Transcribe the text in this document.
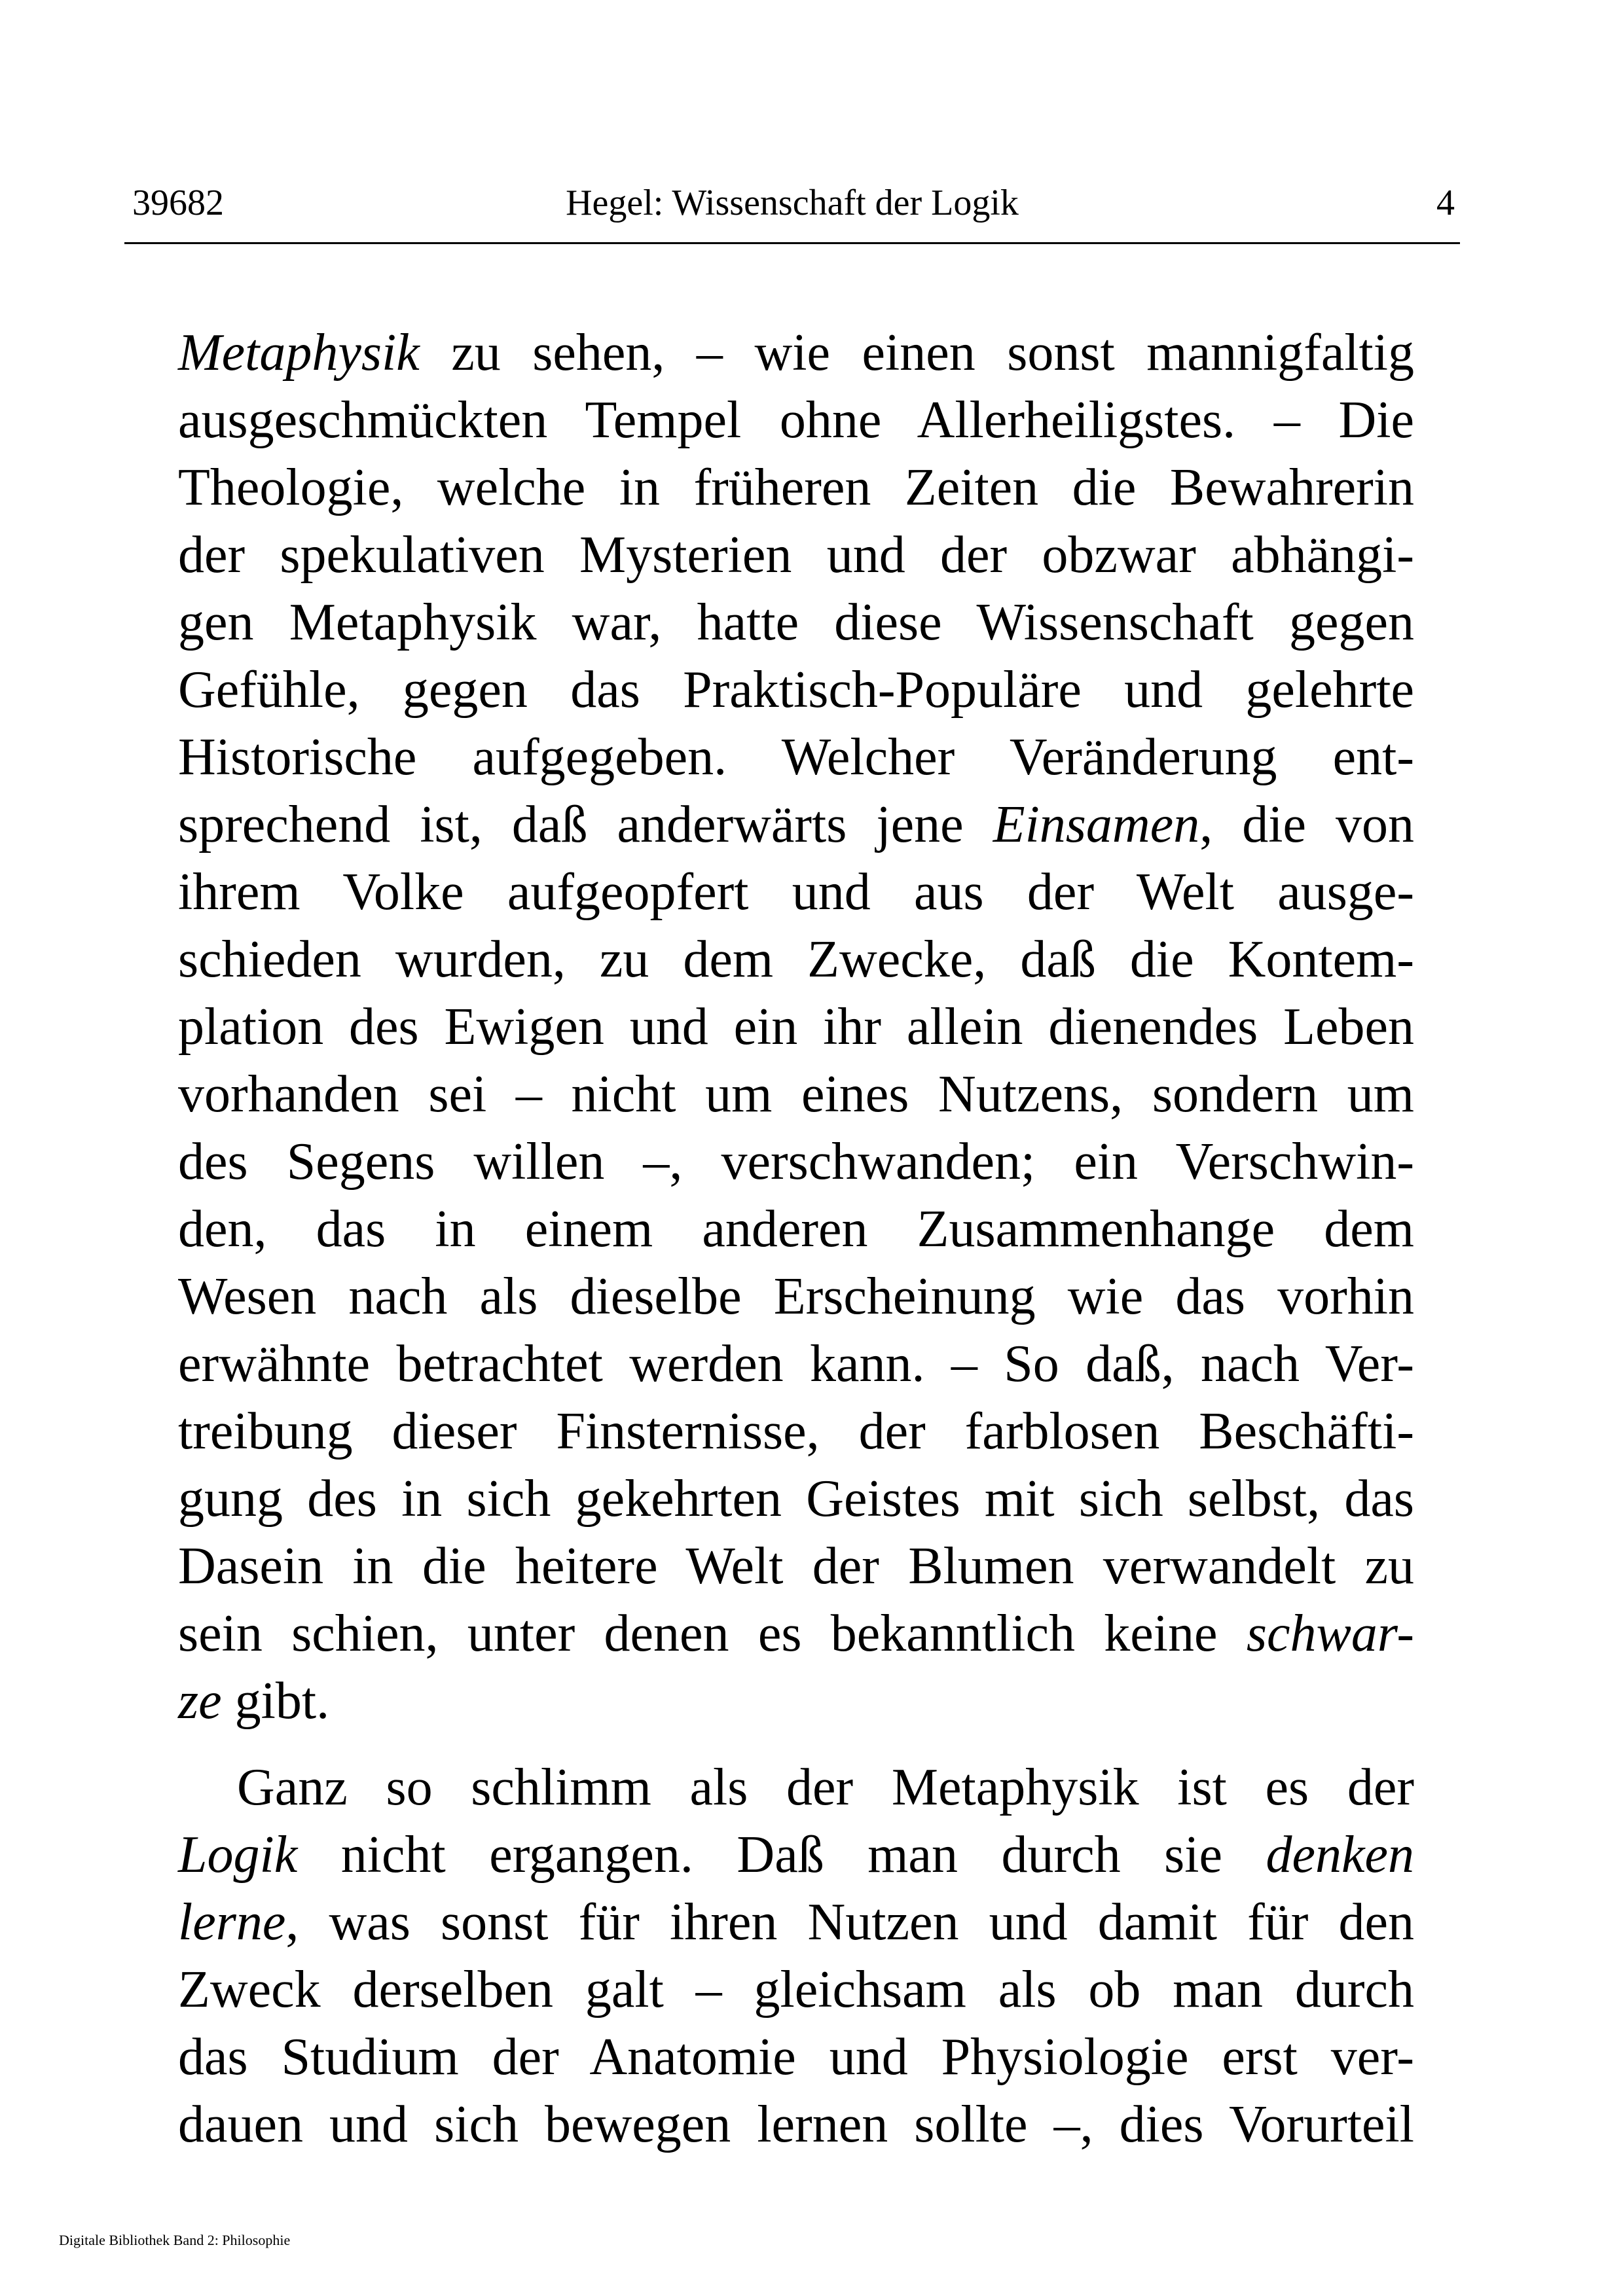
39682	Hegel: Wissenschaft der Logik	4
Metaphysik zu sehen, – wie einen sonst mannigfaltig
ausgeschmückten Tempel ohne Allerheiligstes. – Die
Theologie, welche in früheren Zeiten die Bewahrerin
der spekulativen Mysterien und der obzwar abhängi-
gen Metaphysik war, hatte diese Wissenschaft gegen
Gefühle, gegen das Praktisch-Populäre und gelehrte
Historische aufgegeben. Welcher Veränderung ent-
sprechend ist, daß anderwärts jene Einsamen, die von
ihrem Volke aufgeopfert und aus der Welt ausge-
schieden wurden, zu dem Zwecke, daß die Kontem-
plation des Ewigen und ein ihr allein dienendes Leben
vorhanden sei – nicht um eines Nutzens, sondern um
des Segens willen –, verschwanden; ein Verschwin-
den, das in einem anderen Zusammenhange dem
Wesen nach als dieselbe Erscheinung wie das vorhin
erwähnte betrachtet werden kann. – So daß, nach Ver-
treibung dieser Finsternisse, der farblosen Beschäfti-
gung des in sich gekehrten Geistes mit sich selbst, das
Dasein in die heitere Welt der Blumen verwandelt zu
sein schien, unter denen es bekanntlich keine schwar-
ze gibt.
Ganz so schlimm als der Metaphysik ist es der
Logik nicht ergangen. Daß man durch sie denken
lerne, was sonst für ihren Nutzen und damit für den
Zweck derselben galt – gleichsam als ob man durch
das Studium der Anatomie und Physiologie erst ver-
dauen und sich bewegen lernen sollte –, dies Vorurteil
Digitale Bibliothek Band 2: Philosophie
